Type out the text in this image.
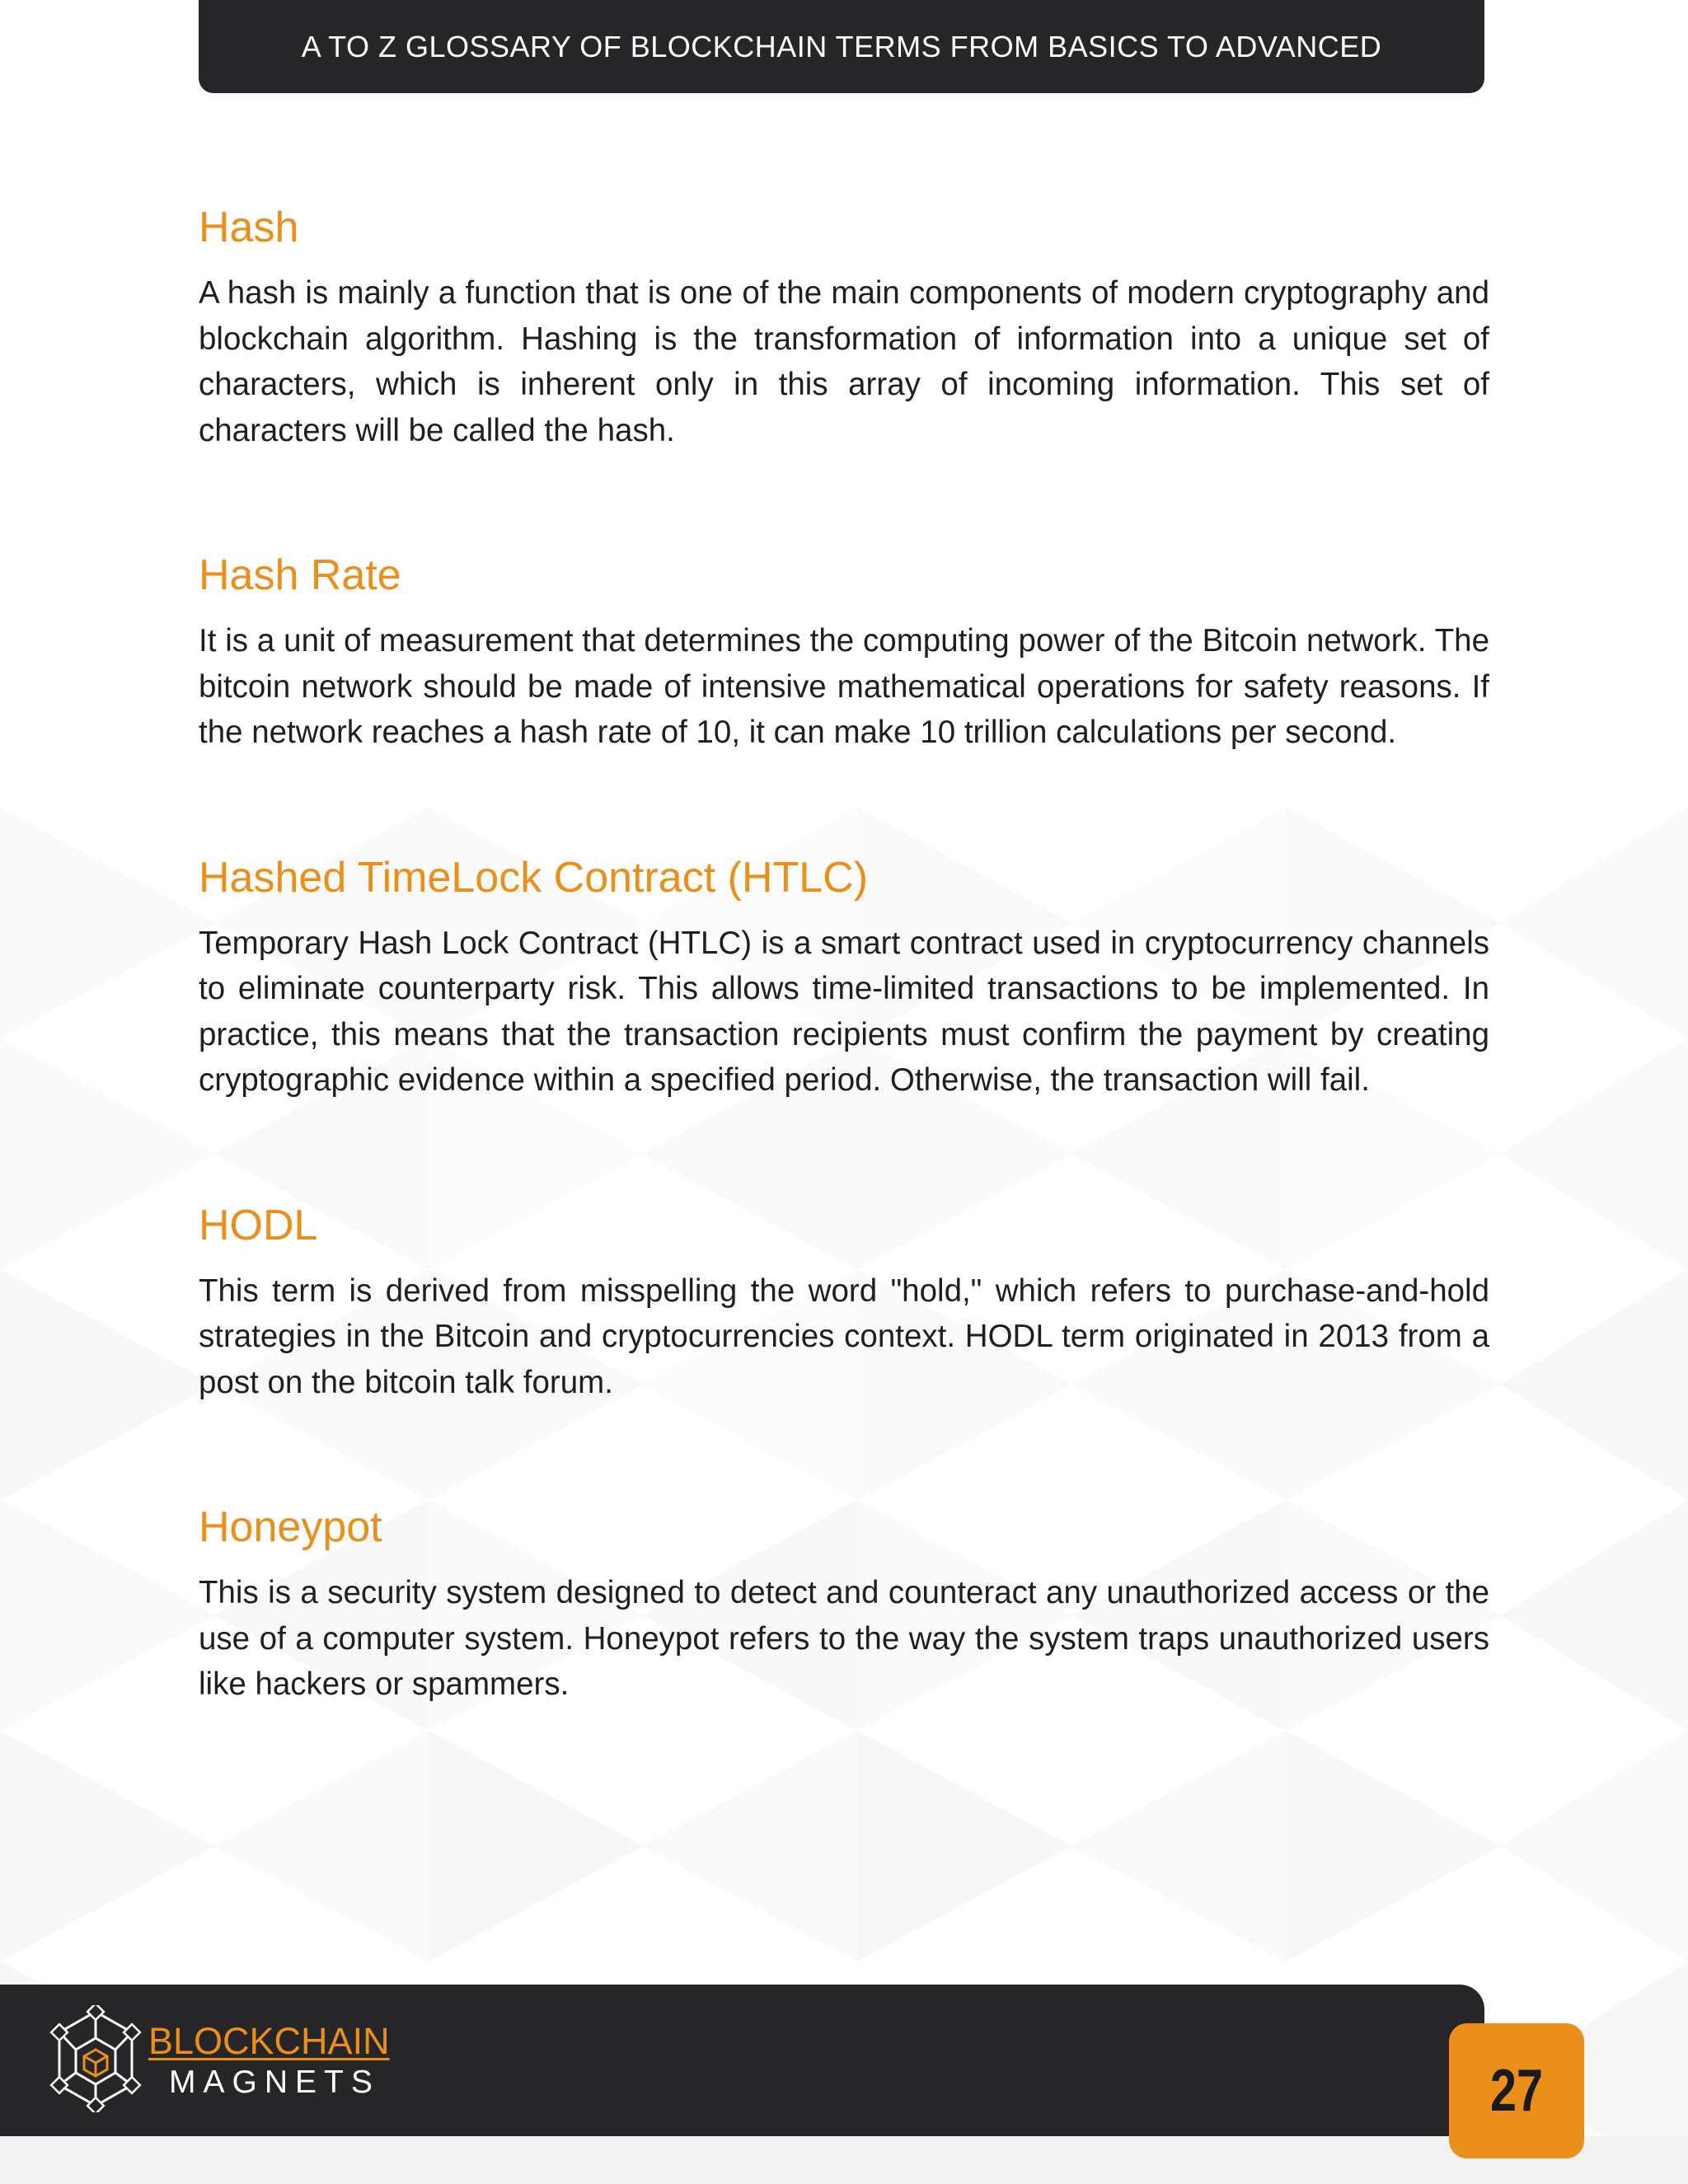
A TO Z GLOSSARY OF BLOCKCHAIN TERMS FROM BASICS TO ADVANCED
Hash

A hash is mainly a function that is one of the main components of modern cryptography and blockchain algorithm. Hashing is the transformation of information into a unique set of characters, which is inherent only in this array of incoming information. This set of characters will be called the hash.

Hash Rate

It is a unit of measurement that determines the computing power of the Bitcoin network. The bitcoin network should be made of intensive mathematical operations for safety reasons. If the network reaches a hash rate of 10, it can make 10 trillion calculations per second.

Hashed TimeLock Contract (HTLC)

Temporary Hash Lock Contract (HTLC) is a smart contract used in cryptocurrency channels to eliminate counterparty risk. This allows time-limited transactions to be implemented. In practice, this means that the transaction recipients must confirm the payment by creating cryptographic evidence within a specified period. Otherwise, the transaction will fail.

HODL

This term is derived from misspelling the word "hold," which refers to purchase-and-hold strategies in the Bitcoin and cryptocurrencies context. HODL term originated in 2013 from a post on the bitcoin talk forum.

Honeypot

This is a security system designed to detect and counteract any unauthorized access or the use of a computer system. Honeypot refers to the way the system traps unauthorized users like hackers or spammers.

BLOCKCHAIN
MAGNETS	27
